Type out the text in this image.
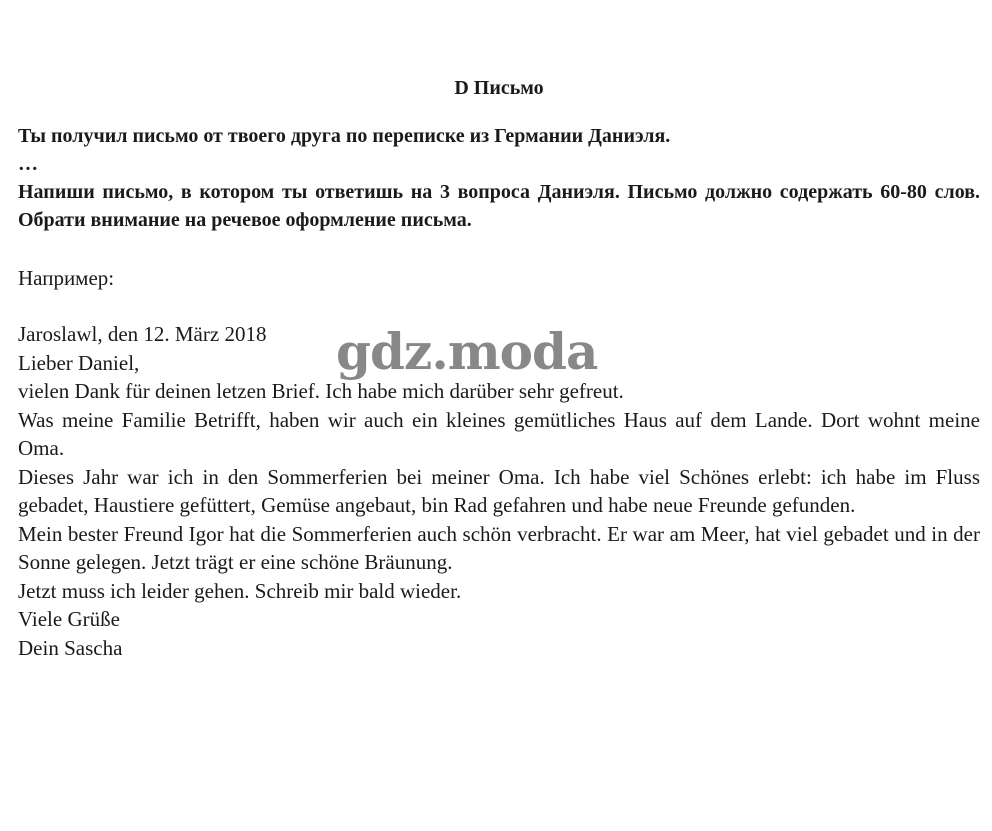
D Письмо

Ты получил письмо от твоего друга по переписке из Германии Даниэля.

…

Напиши письмо, в котором ты ответишь на 3 вопроса Даниэля. Письмо должно содержать 60-80 слов. Обрати внимание на речевое оформление письма.

Например:

Jaroslawl, den 12. März 2018

Lieber Daniel,

vielen Dank für deinen letzen Brief. Ich habe mich darüber sehr gefreut.

Was meine Familie Betrifft, haben wir auch ein kleines gemütliches Haus auf dem Lande. Dort wohnt meine Oma.

Dieses Jahr war ich in den Sommerferien bei meiner Oma. Ich habe viel Schönes erlebt: ich habe im Fluss gebadet, Haustiere gefüttert, Gemüse angebaut, bin Rad gefahren und habe neue Freunde gefunden.

Mein bester Freund Igor hat die Sommerferien auch schön verbracht. Er war am Meer, hat viel gebadet und in der Sonne gelegen. Jetzt trägt er eine schöne Bräunung.

Jetzt muss ich leider gehen. Schreib mir bald wieder.

Viele Grüße

Dein Sascha

gdz.moda
